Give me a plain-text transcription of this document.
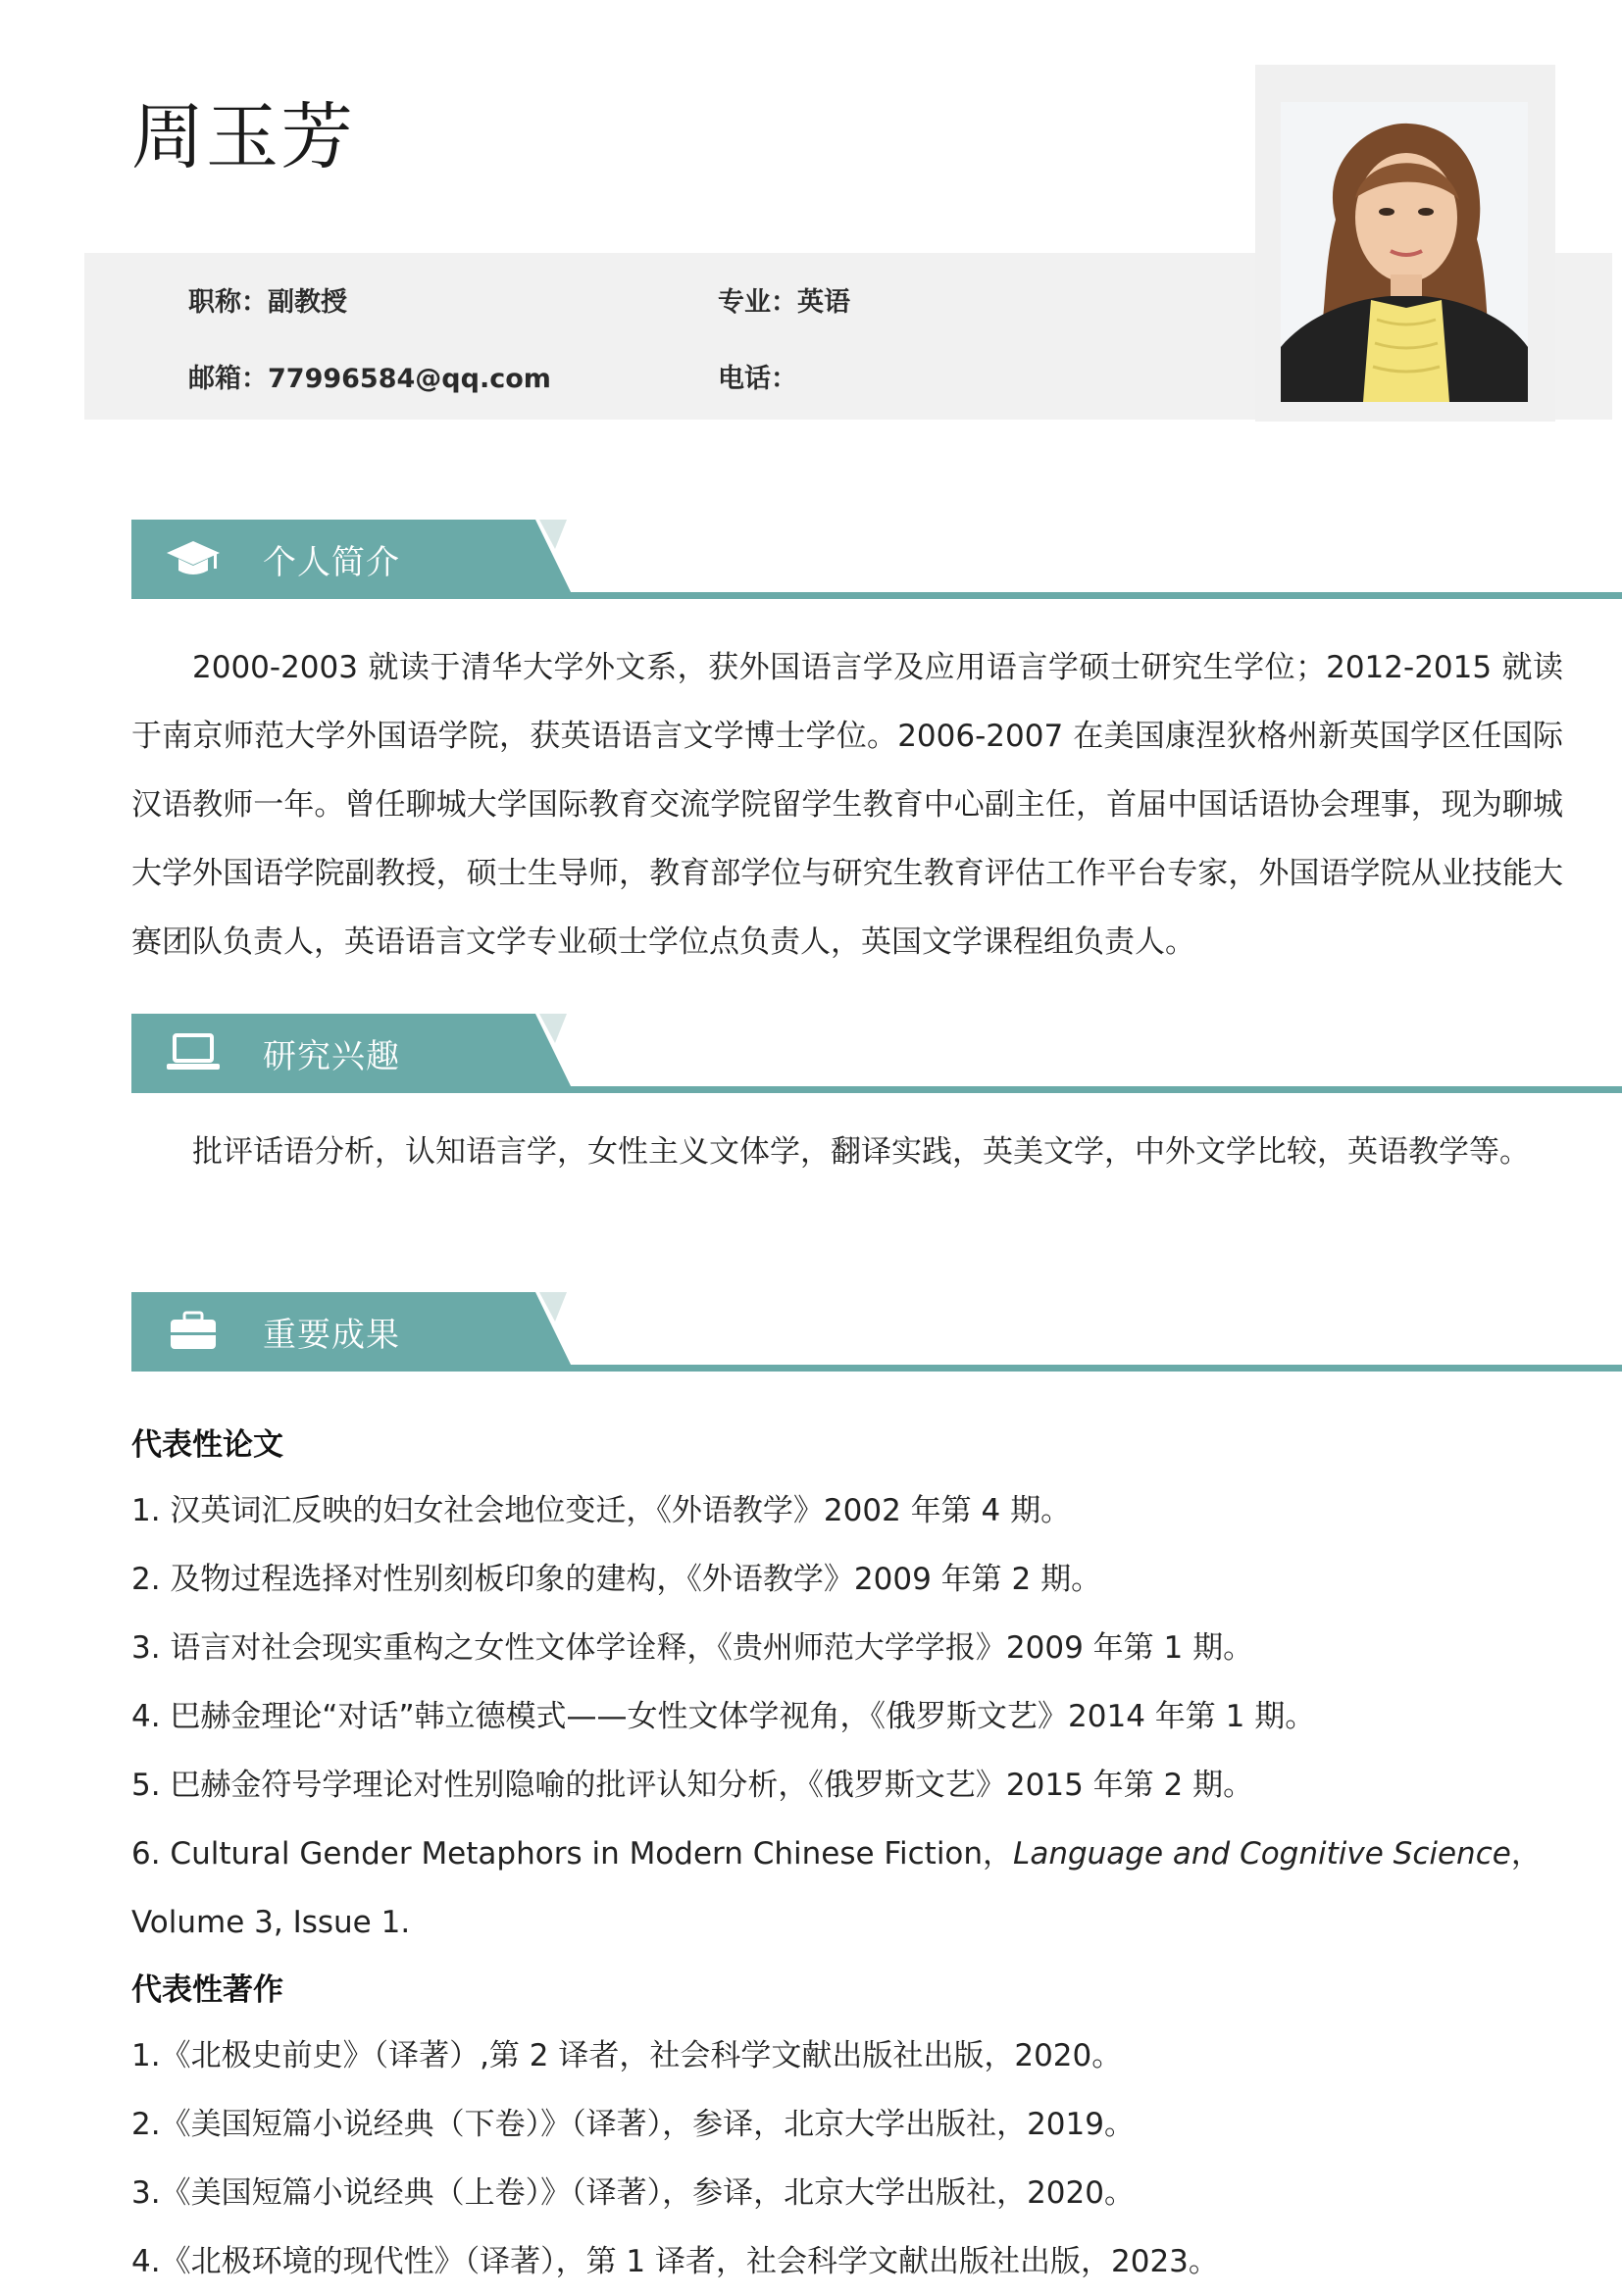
周玉芳
职称：副教授	专业：英语
邮箱：77996584@qq.com	电话：
个人简介

2000-2003 就读于清华大学外文系，获外国语言学及应用语言学硕士研究生学位；2012-2015 就读于南京师范大学外国语学院，获英语语言文学博士学位。2006-2007 在美国康涅狄格州新英国学区任国际汉语教师一年。曾任聊城大学国际教育交流学院留学生教育中心副主任，首届中国话语协会理事，现为聊城大学外国语学院副教授，硕士生导师，教育部学位与研究生教育评估工作平台专家，外国语学院从业技能大赛团队负责人，英语语言文学专业硕士学位点负责人，英国文学课程组负责人。

研究兴趣

批评话语分析，认知语言学，女性主义文体学，翻译实践，英美文学，中外文学比较，英语教学等。

重要成果
代表性论文
1. 汉英词汇反映的妇女社会地位变迁，《外语教学》2002 年第 4 期。
2. 及物过程选择对性别刻板印象的建构，《外语教学》2009 年第 2 期。
3. 语言对社会现实重构之女性文体学诠释，《贵州师范大学学报》2009 年第 1 期。
4. 巴赫金理论“对话”韩立德模式——女性文体学视角，《俄罗斯文艺》2014 年第 1 期。
5. 巴赫金符号学理论对性别隐喻的批评认知分析，《俄罗斯文艺》2015 年第 2 期。
6. Cultural Gender Metaphors in Modern Chinese Fiction，Language and Cognitive Science，Volume 3, Issue 1.
代表性著作
1.《北极史前史》（译著）,第 2 译者，社会科学文献出版社出版，2020。
2.《美国短篇小说经典（下卷）》（译著），参译，北京大学出版社，2019。
3.《美国短篇小说经典（上卷）》（译著），参译，北京大学出版社，2020。
4.《北极环境的现代性》（译著），第 1 译者，社会科学文献出版社出版，2023。
